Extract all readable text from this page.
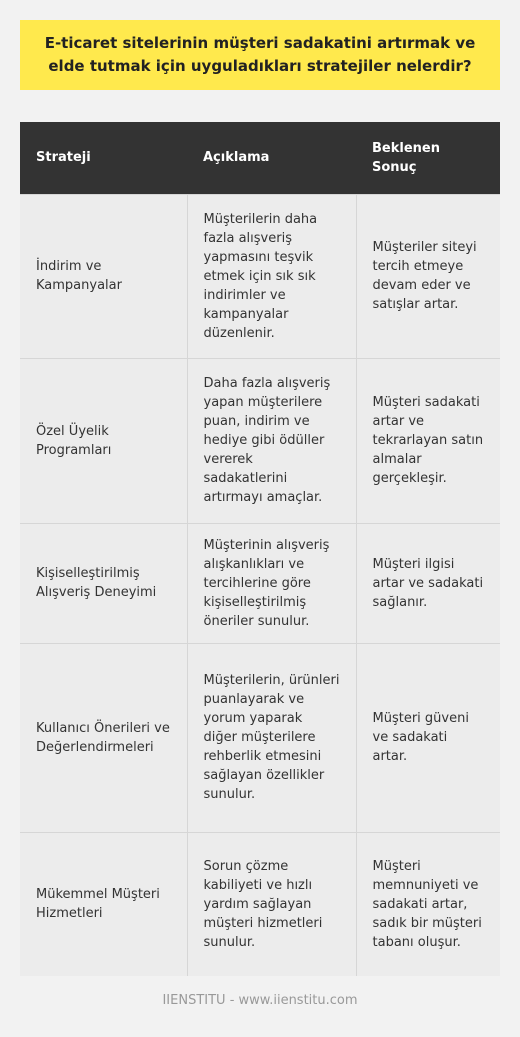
E-ticaret sitelerinin müşteri sadakatini artırmak ve elde tutmak için uyguladıkları stratejiler nelerdir?
Strateji	Açıklama	Beklenen Sonuç
İndirim ve Kampanyalar	Müşterilerin daha fazla alışveriş yapmasını teşvik etmek için sık sık indirimler ve kampanyalar düzenlenir.	Müşteriler siteyi tercih etmeye devam eder ve satışlar artar.
Özel Üyelik Programları	Daha fazla alışveriş yapan müşterilere puan, indirim ve hediye gibi ödüller vererek sadakatlerini artırmayı amaçlar.	Müşteri sadakati artar ve tekrarlayan satın almalar gerçekleşir.
Kişiselleştirilmiş Alışveriş Deneyimi	Müşterinin alışveriş alışkanlıkları ve tercihlerine göre kişiselleştirilmiş öneriler sunulur.	Müşteri ilgisi artar ve sadakati sağlanır.
Kullanıcı Önerileri ve Değerlendirmeleri	Müşterilerin, ürünleri puanlayarak ve yorum yaparak diğer müşterilere rehberlik etmesini sağlayan özellikler sunulur.	Müşteri güveni ve sadakati artar.
Mükemmel Müşteri Hizmetleri	Sorun çözme kabiliyeti ve hızlı yardım sağlayan müşteri hizmetleri sunulur.	Müşteri memnuniyeti ve sadakati artar, sadık bir müşteri tabanı oluşur.
IIENSTITU - www.iienstitu.com
